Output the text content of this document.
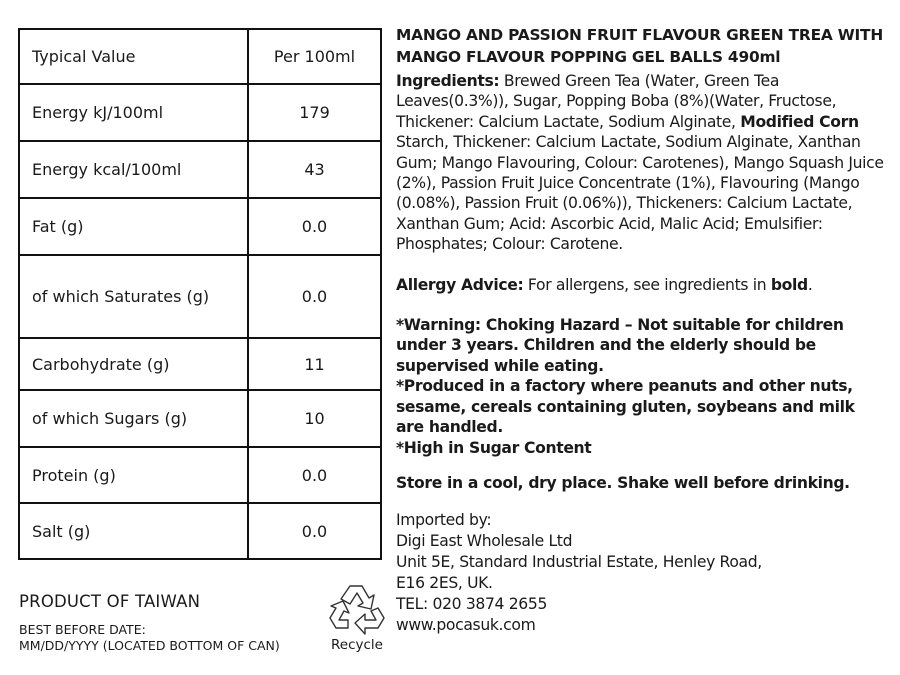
Typical Value	Per 100ml
Energy kJ/100ml	179
Energy kcal/100ml	43
Fat (g)	0.0
of which Saturates (g)	0.0
Carbohydrate (g)	11
of which Sugars (g)	10
Protein (g)	0.0
Salt (g)	0.0
PRODUCT OF TAIWAN
BEST BEFORE DATE:
MM/DD/YYYY (LOCATED BOTTOM OF CAN)	Recycle

MANGO AND PASSION FRUIT FLAVOUR GREEN TREA WITH MANGO FLAVOUR POPPING GEL BALLS 490ml

Ingredients: Brewed Green Tea (Water, Green Tea Leaves(0.3%)), Sugar, Popping Boba (8%)(Water, Fructose, Thickener: Calcium Lactate, Sodium Alginate, Modified Corn Starch, Thickener: Calcium Lactate, Sodium Alginate, Xanthan Gum; Mango Flavouring, Colour: Carotenes), Mango Squash Juice (2%), Passion Fruit Juice Concentrate (1%), Flavouring (Mango (0.08%), Passion Fruit (0.06%)), Thickeners: Calcium Lactate, Xanthan Gum; Acid: Ascorbic Acid, Malic Acid; Emulsifier: Phosphates; Colour: Carotene.

Allergy Advice: For allergens, see ingredients in bold.

*Warning: Choking Hazard – Not suitable for children under 3 years. Children and the elderly should be supervised while eating.

*Produced in a factory where peanuts and other nuts, sesame, cereals containing gluten, soybeans and milk are handled.

*High in Sugar Content

Store in a cool, dry place. Shake well before drinking.

Imported by:
Digi East Wholesale Ltd
Unit 5E, Standard Industrial Estate, Henley Road,
E16 2ES, UK.
TEL: 020 3874 2655
www.pocasuk.com
